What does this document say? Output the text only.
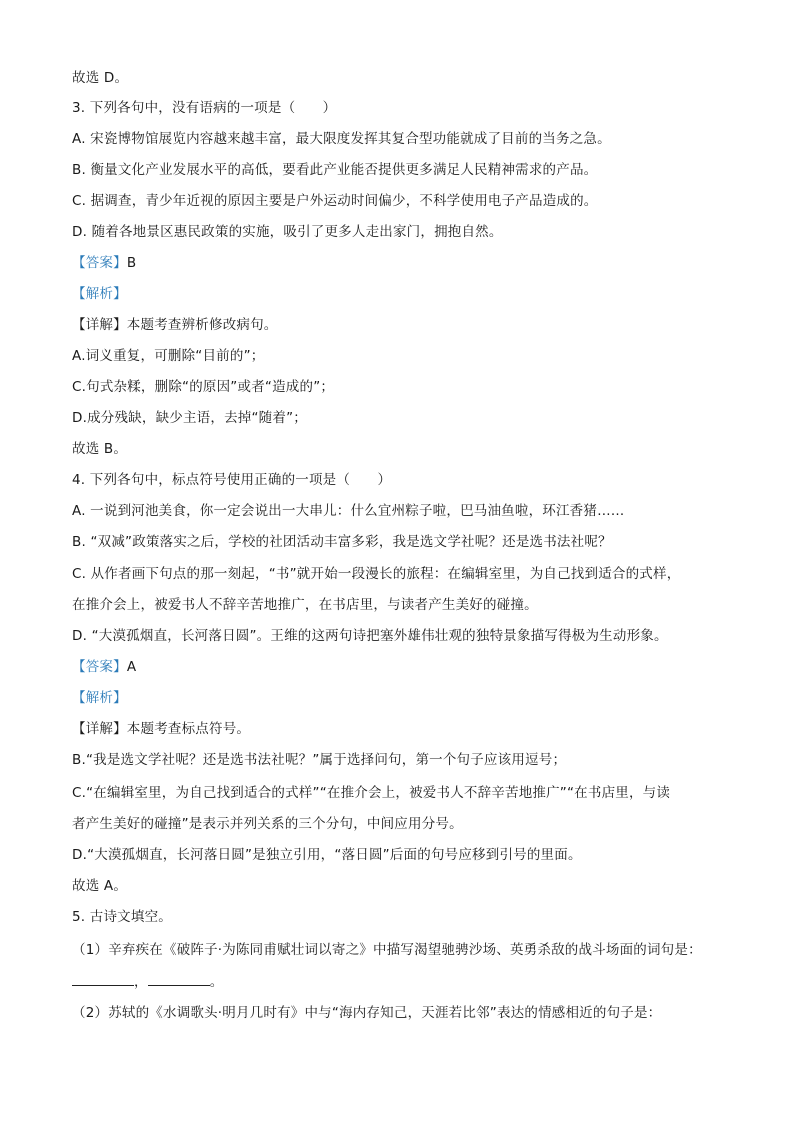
故选 D。
3. 下列各句中，没有语病的一项是（　　）
A. 宋瓷博物馆展览内容越来越丰富，最大限度发挥其复合型功能就成了目前的当务之急。
B. 衡量文化产业发展水平的高低，要看此产业能否提供更多满足人民精神需求的产品。
C. 据调查，青少年近视的原因主要是户外运动时间偏少，不科学使用电子产品造成的。
D. 随着各地景区惠民政策的实施，吸引了更多人走出家门，拥抱自然。
【答案】B
【解析】
【详解】本题考查辨析修改病句。
A.词义重复，可删除“目前的”；
C.句式杂糅，删除“的原因”或者“造成的”；
D.成分残缺，缺少主语，去掉“随着”；
故选 B。
4. 下列各句中，标点符号使用正确的一项是（　　）
A. 一说到河池美食，你一定会说出一大串儿：什么宜州粽子啦，巴马油鱼啦，环江香猪……
B. “双减”政策落实之后，学校的社团活动丰富多彩，我是选文学社呢？还是选书法社呢？
C. 从作者画下句点的那一刻起，“书”就开始一段漫长的旅程：在编辑室里，为自己找到适合的式样，
在推介会上，被爱书人不辞辛苦地推广，在书店里，与读者产生美好的碰撞。
D. “大漠孤烟直，长河落日圆”。王维的这两句诗把塞外雄伟壮观的独特景象描写得极为生动形象。
【答案】A
【解析】
【详解】本题考查标点符号。
B.“我是选文学社呢？还是选书法社呢？”属于选择问句，第一个句子应该用逗号；
C.“在编辑室里，为自己找到适合的式样”“在推介会上，被爱书人不辞辛苦地推广”“在书店里，与读
者产生美好的碰撞”是表示并列关系的三个分句，中间应用分号。
D.“大漠孤烟直，长河落日圆”是独立引用，“落日圆”后面的句号应移到引号的里面。
故选 A。
5. 古诗文填空。
（1）辛弃疾在《破阵子·为陈同甫赋壮词以寄之》中描写渴望驰骋沙场、英勇杀敌的战斗场面的词句是：
，	。
（2）苏轼的《水调歌头·明月几时有》中与“海内存知己，天涯若比邻”表达的情感相近的句子是：
